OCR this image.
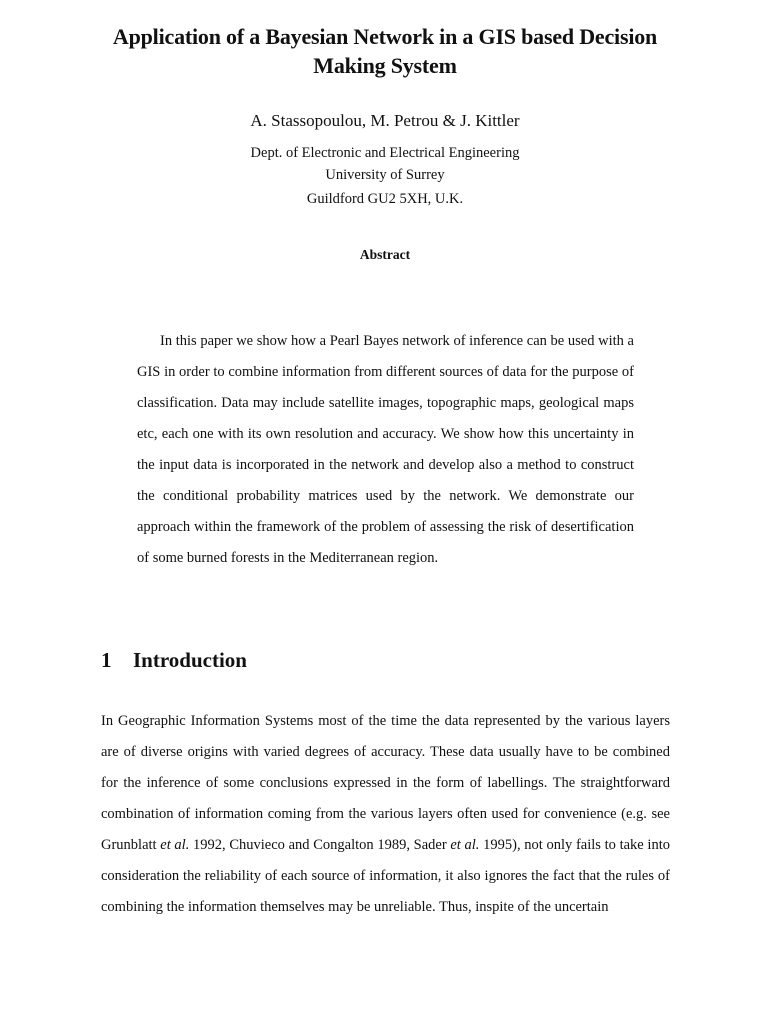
Application of a Bayesian Network in a GIS based Decision
Making System
A. Stassopoulou, M. Petrou & J. Kittler
Dept. of Electronic and Electrical Engineering
University of Surrey
Guildford GU2 5XH, U.K.
Abstract
In this paper we show how a Pearl Bayes network of inference can be used with a GIS in order to combine information from different sources of data for the purpose of classification. Data may include satellite images, topographic maps, geological maps etc, each one with its own resolution and accuracy. We show how this uncertainty in the input data is incorporated in the network and develop also a method to construct the conditional probability matrices used by the network. We demonstrate our approach within the framework of the problem of assessing the risk of desertification of some burned forests in the Mediterranean region.
1 Introduction
In Geographic Information Systems most of the time the data represented by the various layers are of diverse origins with varied degrees of accuracy. These data usually have to be combined for the inference of some conclusions expressed in the form of labellings. The straightforward combination of information coming from the various layers often used for convenience (e.g. see Grunblatt et al. 1992, Chuvieco and Congalton 1989, Sader et al. 1995), not only fails to take into consideration the reliability of each source of information, it also ignores the fact that the rules of combining the information themselves may be unreliable. Thus, inspite of the uncertain
